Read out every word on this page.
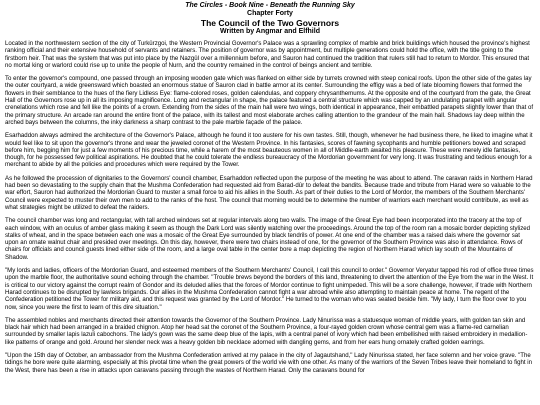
The Circles - Book Nine - Beneath the Running Sky
Chapter Forty
The Council of the Two Governors
Written by Angmar and Elfhild

Located in the northwestern section of the city of Turkûrzgoi, the Western Provincial Governor's Palace was a sprawling complex of marble and brick buildings which housed the province's highest ranking official and their extensive household of servants and retainers. The position of governor was by appointment, but multiple generations could hold the office, with the title going to the firstborn heir. That was the system that was put into place by the Nazgûl over a millennium before, and Sauron had continued the tradition that rulers still had to return to Mordor. This ensured that no mortal king or warlord could rise up to unite the people of Nurn, and the country remained in the control of beings ancient and terrible.

To enter the governor's compound, one passed through an imposing wooden gate which was flanked on either side by turrets crowned with steep conical roofs. Upon the other side of the gates lay the outer courtyard, a wide greensward which boasted an enormous statue of Sauron clad in battle armor at its center. Surrounding the effigy was a bed of late blooming flowers that formed the flowers in their semblance to the hues of the fiery Lidless Eye: flame-colored roses, golden calendulas, and coppery chrysanthemums. At the opposite end of the courtyard from the gate, the Great Hall of the Governors rose up in all its imposing magnificence. Long and rectangular in shape, the palace featured a central structure which was capped by an undulating parapet with angular crenelations which rose and fell like the points of a crown. Extending from the sides of the main hall were two wings, both identical in appearance, their embattled parapets slightly lower than that of the primary structure. An arcade ran around the entire front of the palace, with its tallest and most elaborate arches calling attention to the grandeur of the main hall. Shadows lay deep within the arched bays between the columns, the inky darkness a sharp contrast to the pale marble façade of the palace.

Esarhaddon always admired the architecture of the Governor's Palace, although he found it too austere for his own tastes. Still, though, whenever he had business there, he liked to imagine what it would feel like to sit upon the governor's throne and wear the jeweled coronet of the Western Province. In his fantasies, scores of fawning sycophants and humble petitioners bowed and scraped before him, begging him for just a few moments of his precious time, while a harem of the most beauteous women in all of Middle-earth awaited his pleasure. These were merely idle fantasies, though, for he possessed few political aspirations. He doubted that he could tolerate the endless bureaucracy of the Mordorian government for very long. It was frustrating and tedious enough for a merchant to abide by all the policies and procedures which were required by the Tower.

As he followed the procession of dignitaries to the Governors' council chamber, Esarhaddon reflected upon the purpose of the meeting he was about to attend. The caravan raids in Northern Harad had been so devastating to the supply chain that the Mushma Confederation had requested aid from Barad-dûr to defeat the bandits. Because trade and tribute from Harad were so valuable to the war effort, Sauron had authorized the Mordorian Guard to muster a small force to aid his allies in the South. As part of their duties to the Lord of Mordor, the members of the Southern Merchants' Council were expected to muster their own men to add to the ranks of the host. The council that morning would be to determine the number of warriors each merchant would contribute, as well as what strategies might be utilized to defeat the raiders.

The council chamber was long and rectangular, with tall arched windows set at regular intervals along two walls. The image of the Great Eye had been incorporated into the tracery at the top of each window, with an oculus of amber glass making it seem as though the Dark Lord was silently watching over the proceedings. Around the top of the room ran a mosaic border depicting stylized stalks of wheat, and in the space between each one was a mosaic of the Great Eye surrounded by black tendrils of power. At one end of the chamber was a raised dais where the governor sat upon an ornate walnut chair and presided over meetings. On this day, however, there were two chairs instead of one, for the governor of the Southern Province was also in attendance. Rows of chairs for officials and council guests lined either side of the room, and a large oval table in the center bore a map depicting the region of Northern Harad which lay south of the Mountains of Shadow.

"My lords and ladies, officers of the Mordorian Guard, and esteemed members of the Southern Merchants' Council, I call this council to order." Governor Veryatur tapped his rod of office three times upon the marble floor, the authoritative sound echoing through the chamber. "Trouble brews beyond the borders of this land, threatening to divert the attention of the Eye from the war in the West. It is critical to our victory against the corrupt realm of Gondor and its deluded allies that the forces of Mordor continue to fight unimpeded. This will be a sore challenge, however, if trade with Northern Harad continues to be disrupted by lawless brigands. Our allies in the Mushma Confederation cannot fight a war abroad while also attempting to maintain peace at home. The regent of the Confederation petitioned the Tower for military aid, and this request was granted by the Lord of Mordor." He turned to the woman who was seated beside him. "My lady, I turn the floor over to you now, since you were the first to learn of this dire situation."

The assembled nobles and merchants directed their attention towards the Governor of the Southern Province. Lady Ninurissa was a statuesque woman of middle years, with golden tan skin and black hair which had been arranged in a braided chignon. Atop her head sat the coronet of the Southern Province, a four-rayed golden crown whose central gem was a flame-red carnelian surrounded by smaller lapis lazuli cabochons. The lady's gown was the same deep blue of the lapis, with a central panel of ivory which had been embellished with raised embroidery in medallion-like patterns of orange and gold. Around her slender neck was a heavy golden bib necklace adorned with dangling gems, and from her ears hung ornately crafted golden earrings.

"Upon the 15th day of October, an ambassador from the Mushma Confederation arrived at my palace in the city of Jagautshand," Lady Ninurissa stated, her face solemn and her voice grave. "The tidings he bore were quite alarming, especially at this pivotal time when the great powers of the world vie with one other. As many of the warriors of the Seven Tribes leave their homeland to fight in the West, there has been a rise in attacks upon caravans passing through the wastes of Northern Harad. Only the caravans bound for
